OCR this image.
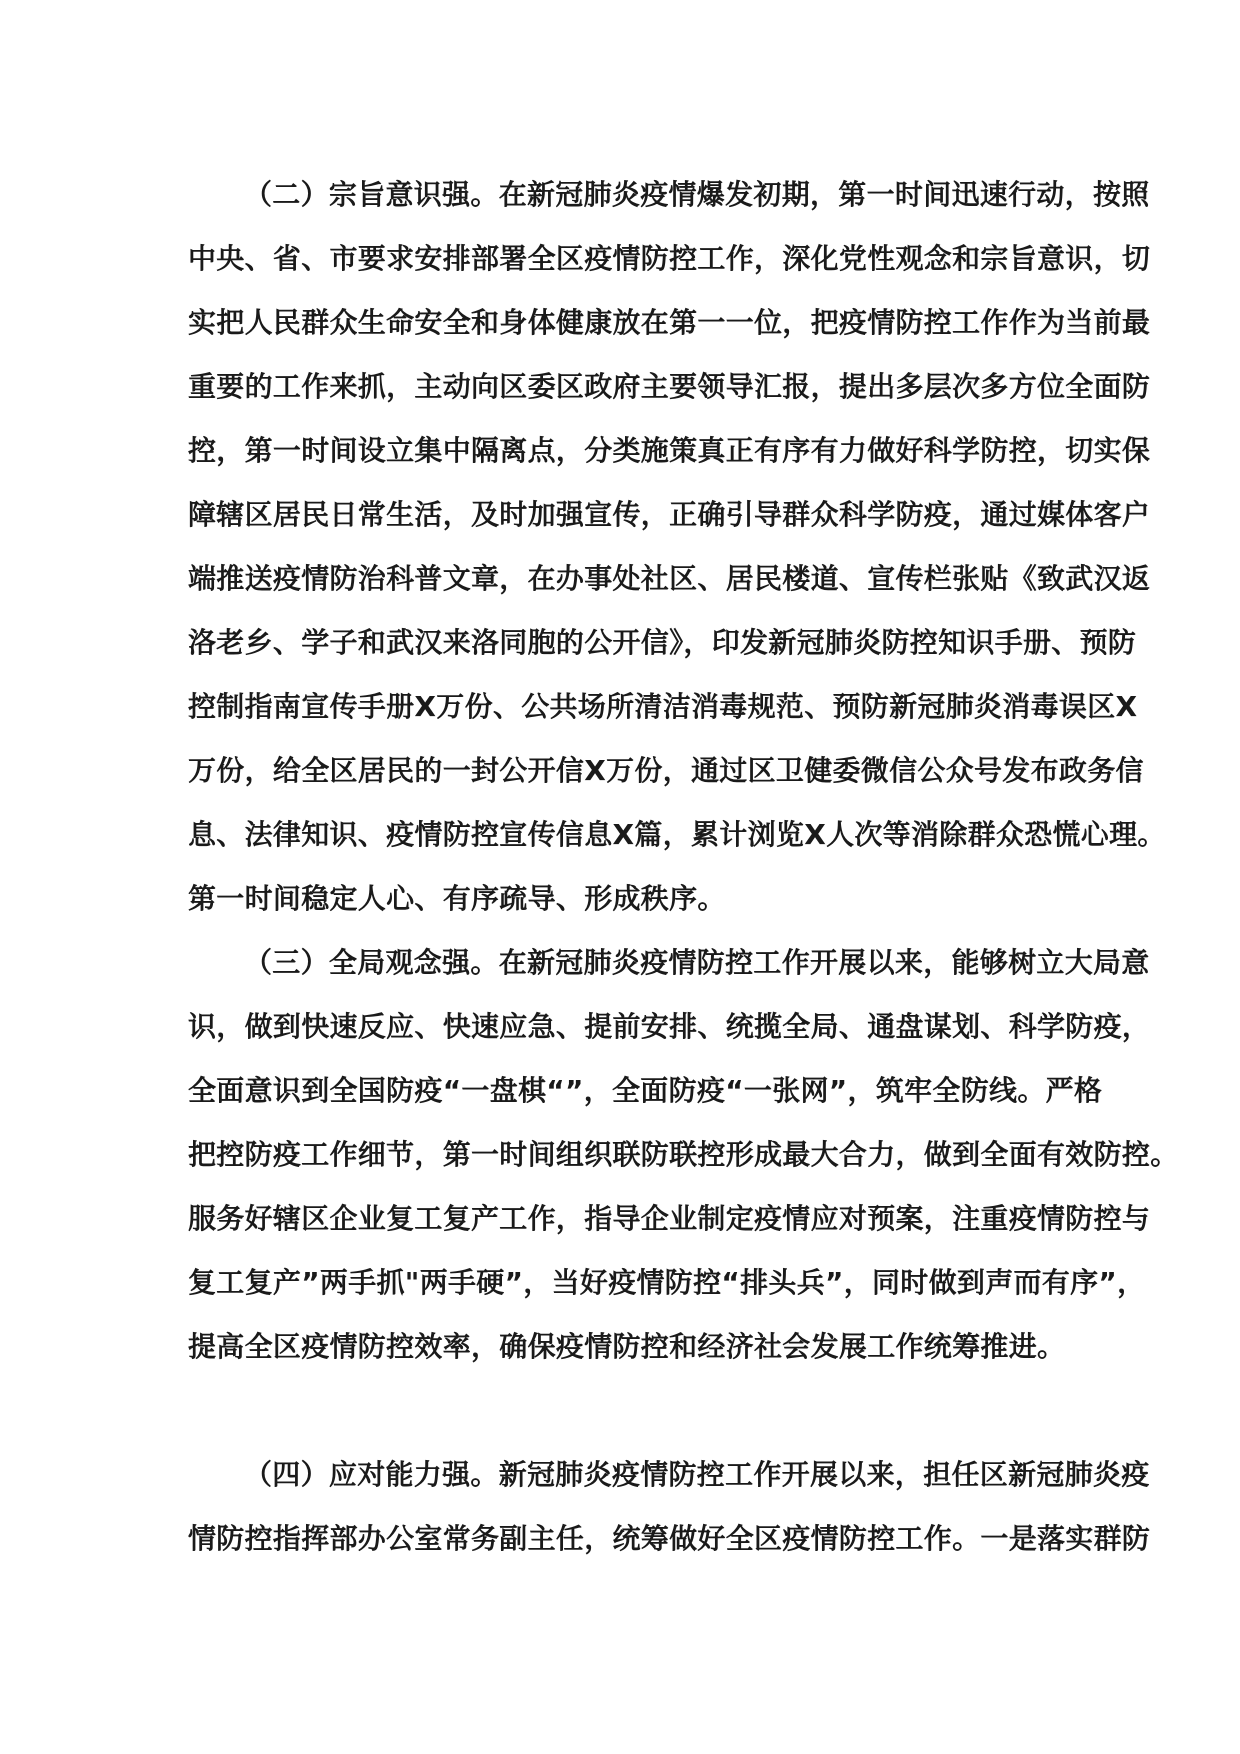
（二）宗旨意识强。在新冠肺炎疫情爆发初期，第一时间迅速行动，按照
中央、省、市要求安排部署全区疫情防控工作，深化党性观念和宗旨意识，切
实把人民群众生命安全和身体健康放在第一一位，把疫情防控工作作为当前最
重要的工作来抓，主动向区委区政府主要领导汇报，提出多层次多方位全面防
控，第一时间设立集中隔离点，分类施策真正有序有力做好科学防控，切实保
障辖区居民日常生活，及时加强宣传，正确引导群众科学防疫，通过媒体客户
端推送疫情防治科普文章，在办事处社区、居民楼道、宣传栏张贴《致武汉返
洛老乡、学子和武汉来洛同胞的公开信》，印发新冠肺炎防控知识手册、预防
控制指南宣传手册X万份、公共场所清洁消毒规范、预防新冠肺炎消毒误区X
万份，给全区居民的一封公开信X万份，通过区卫健委微信公众号发布政务信
息、法律知识、疫情防控宣传信息X篇，累计浏览X人次等消除群众恐慌心理。
第一时间稳定人心、有序疏导、形成秩序。
（三）全局观念强。在新冠肺炎疫情防控工作开展以来，能够树立大局意
识，做到快速反应、快速应急、提前安排、统揽全局、通盘谋划、科学防疫，
全面意识到全国防疫“一盘棋“”，全面防疫“一张网”，筑牢全防线。严格
把控防疫工作细节，第一时间组织联防联控形成最大合力，做到全面有效防控。
服务好辖区企业复工复产工作，指导企业制定疫情应对预案，注重疫情防控与
复工复产”两手抓"两手硬”，当好疫情防控“排头兵”，同时做到声而有序”，
提高全区疫情防控效率，确保疫情防控和经济社会发展工作统筹推进。
（四）应对能力强。新冠肺炎疫情防控工作开展以来，担任区新冠肺炎疫
情防控指挥部办公室常务副主任，统筹做好全区疫情防控工作。一是落实群防
